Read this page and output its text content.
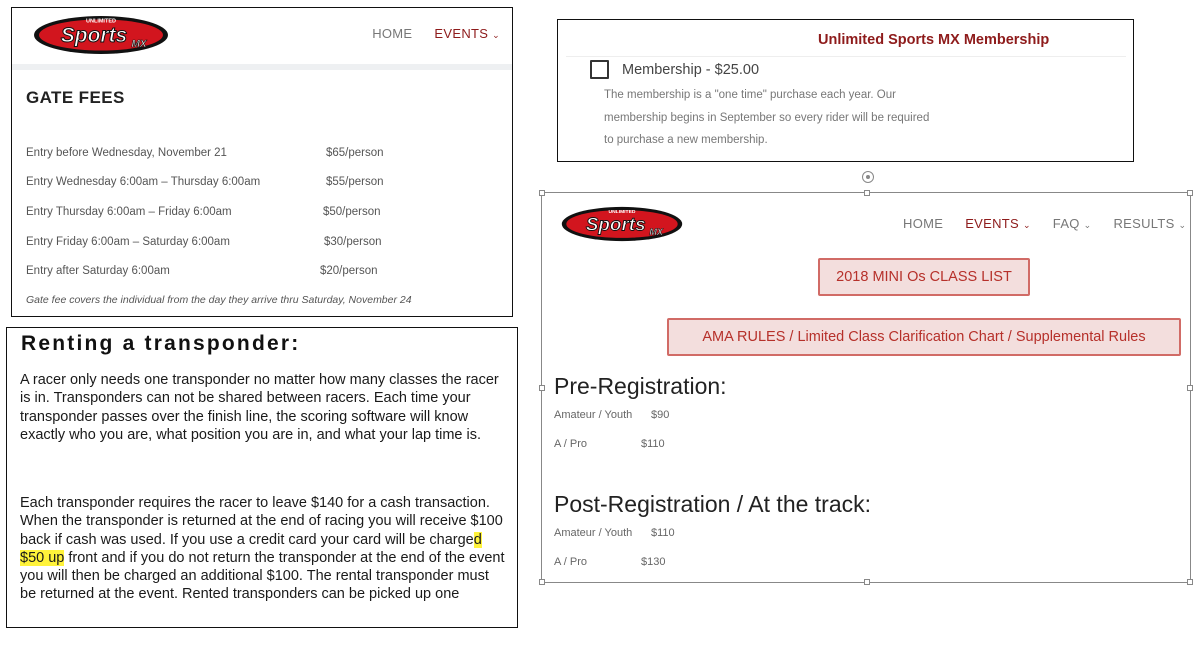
UNLIMITED
Sports MX
HOME EVENTS ⌄
GATE FEES
Entry before Wednesday, November 21	$65/person
Entry Wednesday 6:00am – Thursday 6:00am	$55/person
Entry Thursday 6:00am – Friday 6:00am	$50/person
Entry Friday 6:00am – Saturday 6:00am	$30/person
Entry after Saturday 6:00am	$20/person
Gate fee covers the individual from the day they arrive thru Saturday, November 24
Renting a transponder:

A racer only needs one transponder no matter how many classes the racer is in. Transponders can not be shared between racers. Each time your transponder passes over the finish line, the scoring software will know exactly who you are, what position you are in, and what your lap time is.

Each transponder requires the racer to leave $140 for a cash transaction. When the transponder is returned at the end of racing you will receive $100 back if cash was used. If you use a credit card your card will be charged $50 up front and if you do not return the transponder at the end of the event you will then be charged an additional $100. The rental transponder must be returned at the event. Rented transponders can be picked up one

Unlimited Sports MX Membership
Membership - $25.00
The membership is a "one time" purchase each year. Our membership begins in September so every rider will be required to purchase a new membership.
UNLIMITED
Sports MX
HOME EVENTS ⌄ FAQ ⌄ RESULTS ⌄
2018 MINI Os CLASS LIST
AMA RULES / Limited Class Clarification Chart / Supplemental Rules
Pre-Registration:
Amateur / Youth $90
A / Pro	$110
Post-Registration / At the track:
Amateur / Youth $110
A / Pro	$130
